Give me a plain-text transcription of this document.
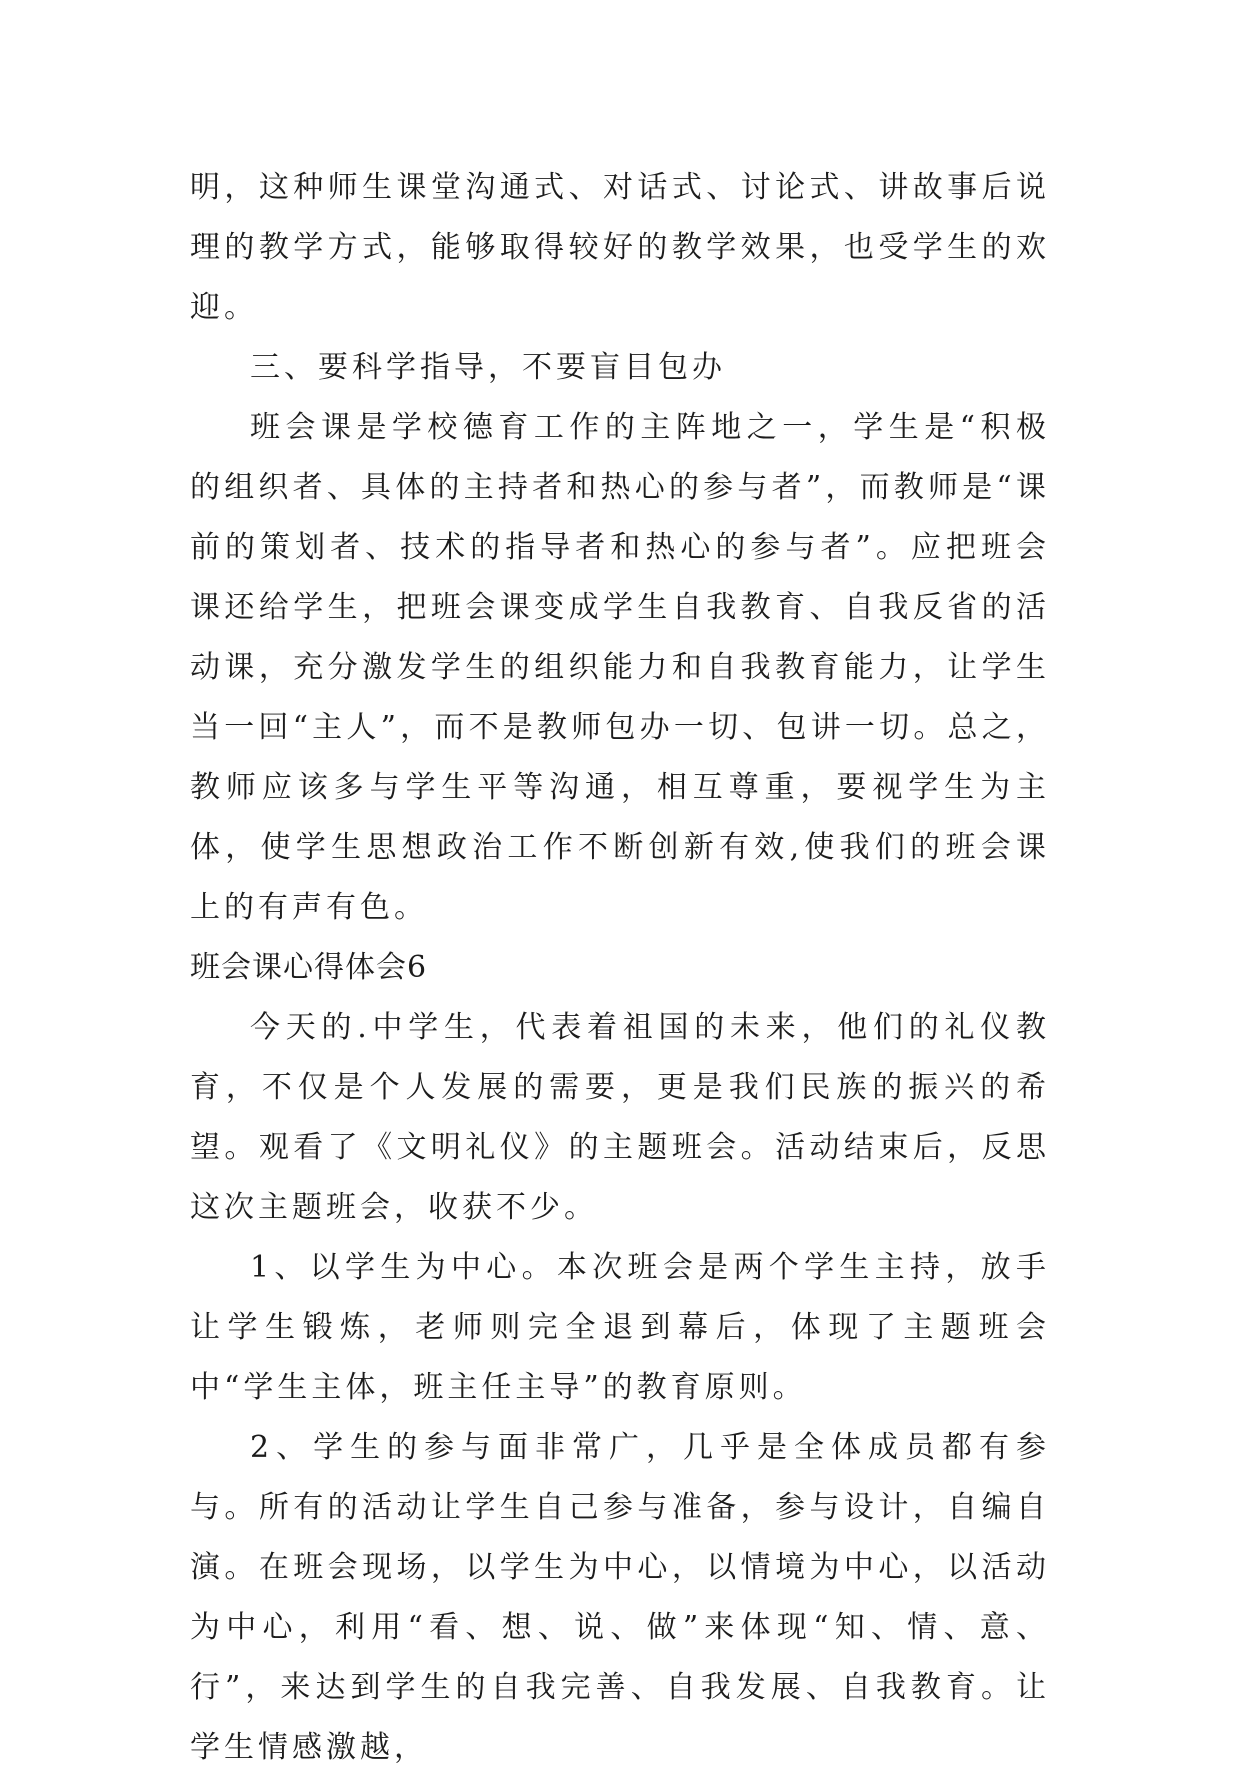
明，这种师生课堂沟通式、对话式、讨论式、讲故事后说理的教学方式，能够取得较好的教学效果，也受学生的欢迎。

三、要科学指导，不要盲目包办

班会课是学校德育工作的主阵地之一，学生是“积极的组织者、具体的主持者和热心的参与者”，而教师是“课前的策划者、技术的指导者和热心的参与者”。应把班会课还给学生，把班会课变成学生自我教育、自我反省的活动课，充分激发学生的组织能力和自我教育能力，让学生当一回“主人”，而不是教师包办一切、包讲一切。总之，教师应该多与学生平等沟通，相互尊重，要视学生为主体，使学生思想政治工作不断创新有效,使我们的班会课上的有声有色。

班会课心得体会6

今天的.中学生，代表着祖国的未来，他们的礼仪教育，不仅是个人发展的需要，更是我们民族的振兴的希望。观看了《文明礼仪》的主题班会。活动结束后，反思这次主题班会，收获不少。

1、以学生为中心。本次班会是两个学生主持，放手让学生锻炼，老师则完全退到幕后，体现了主题班会中“学生主体，班主任主导”的教育原则。

2、学生的参与面非常广，几乎是全体成员都有参与。所有的活动让学生自己参与准备，参与设计，自编自演。在班会现场，以学生为中心，以情境为中心，以活动为中心，利用“看、想、说、做”来体现“知、情、意、行”，来达到学生的自我完善、自我发展、自我教育。让学生情感激越，
